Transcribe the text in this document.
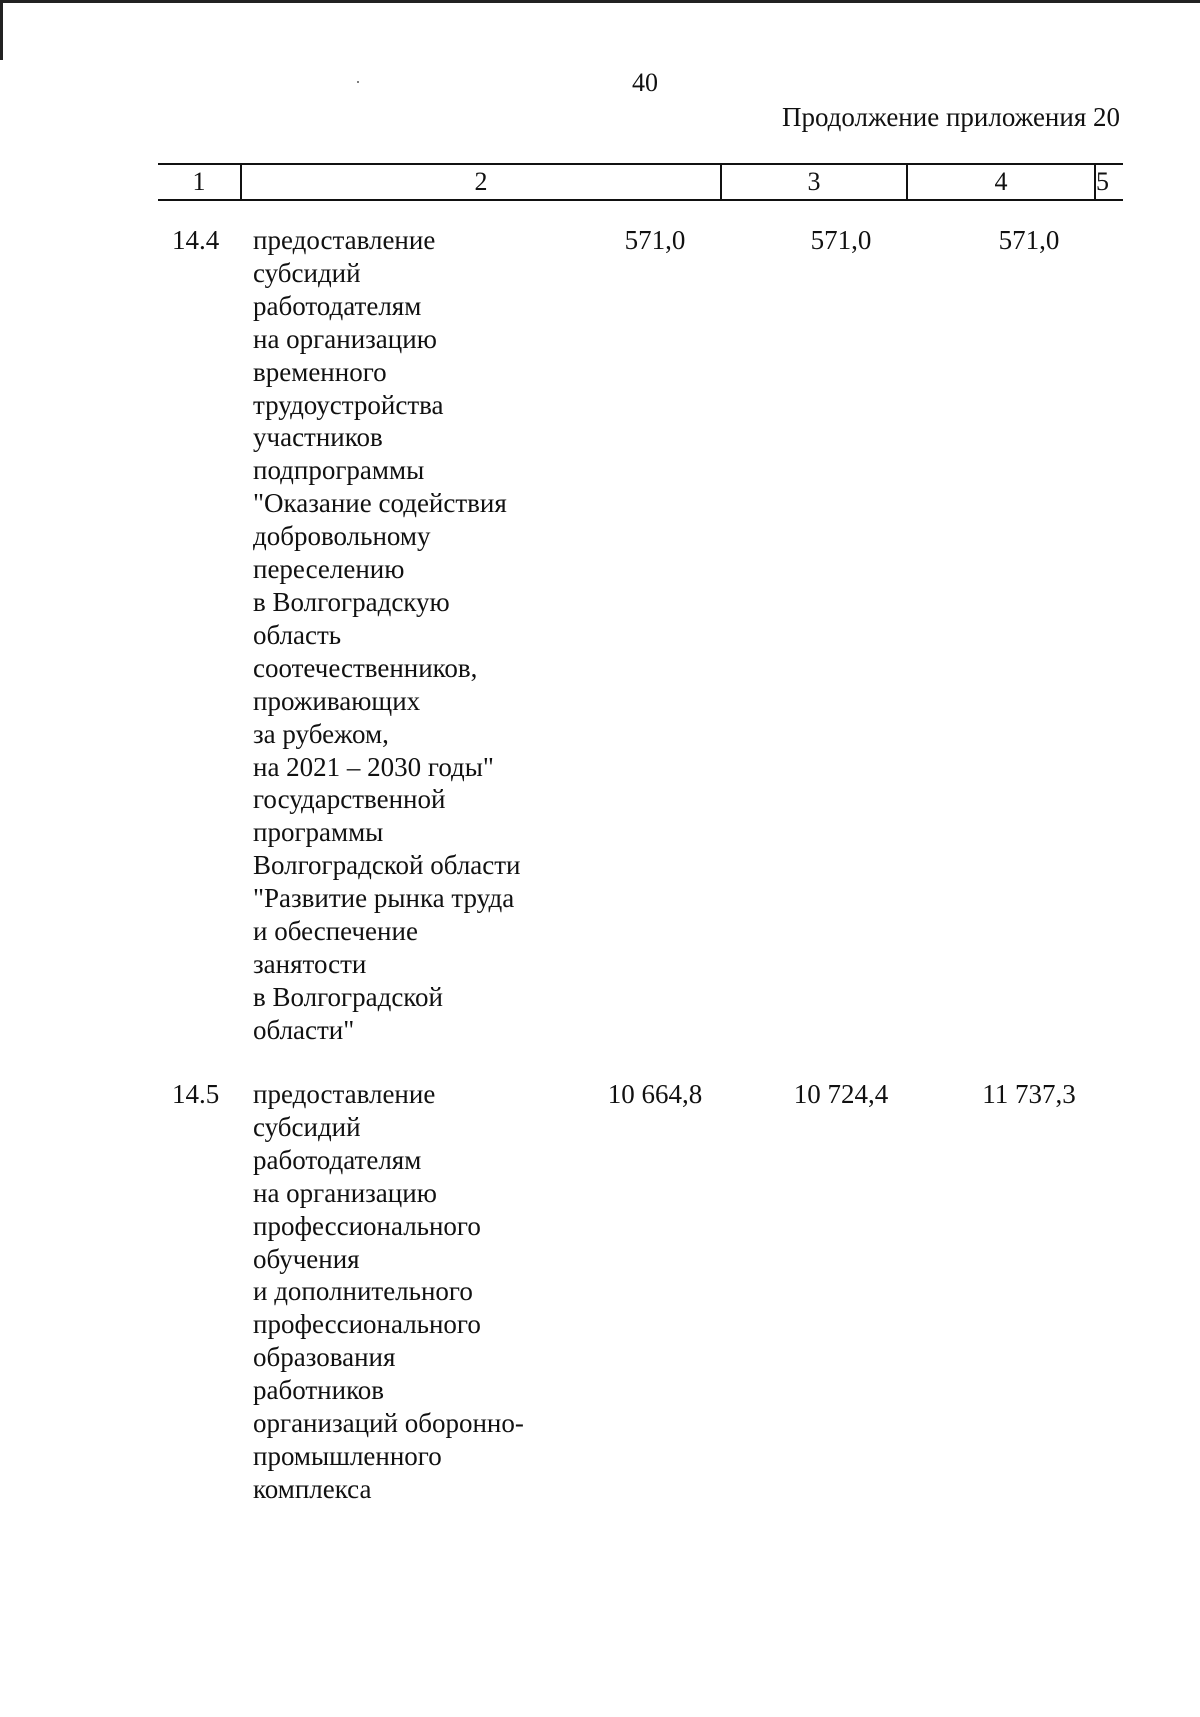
40
Продолжение приложения 20
1	2	3	4	5
14.4 предоставление
субсидий
работодателям
на организацию
временного
трудоустройства
участников
подпрограммы
"Оказание содействия
добровольному
переселению
в Волгоградскую
область
соотечественников,
проживающих
за рубежом,
на 2021 – 2030 годы"
государственной
программы
Волгоградской области
"Развитие рынка труда
и обеспечение
занятости
в Волгоградской
области"
571,0	571,0	571,0
14.5 предоставление
субсидий
работодателям
на организацию
профессионального
обучения
и дополнительного
профессионального
образования
работников
организаций оборонно-
промышленного
комплекса
10 664,8	10 724,4	11 737,3
